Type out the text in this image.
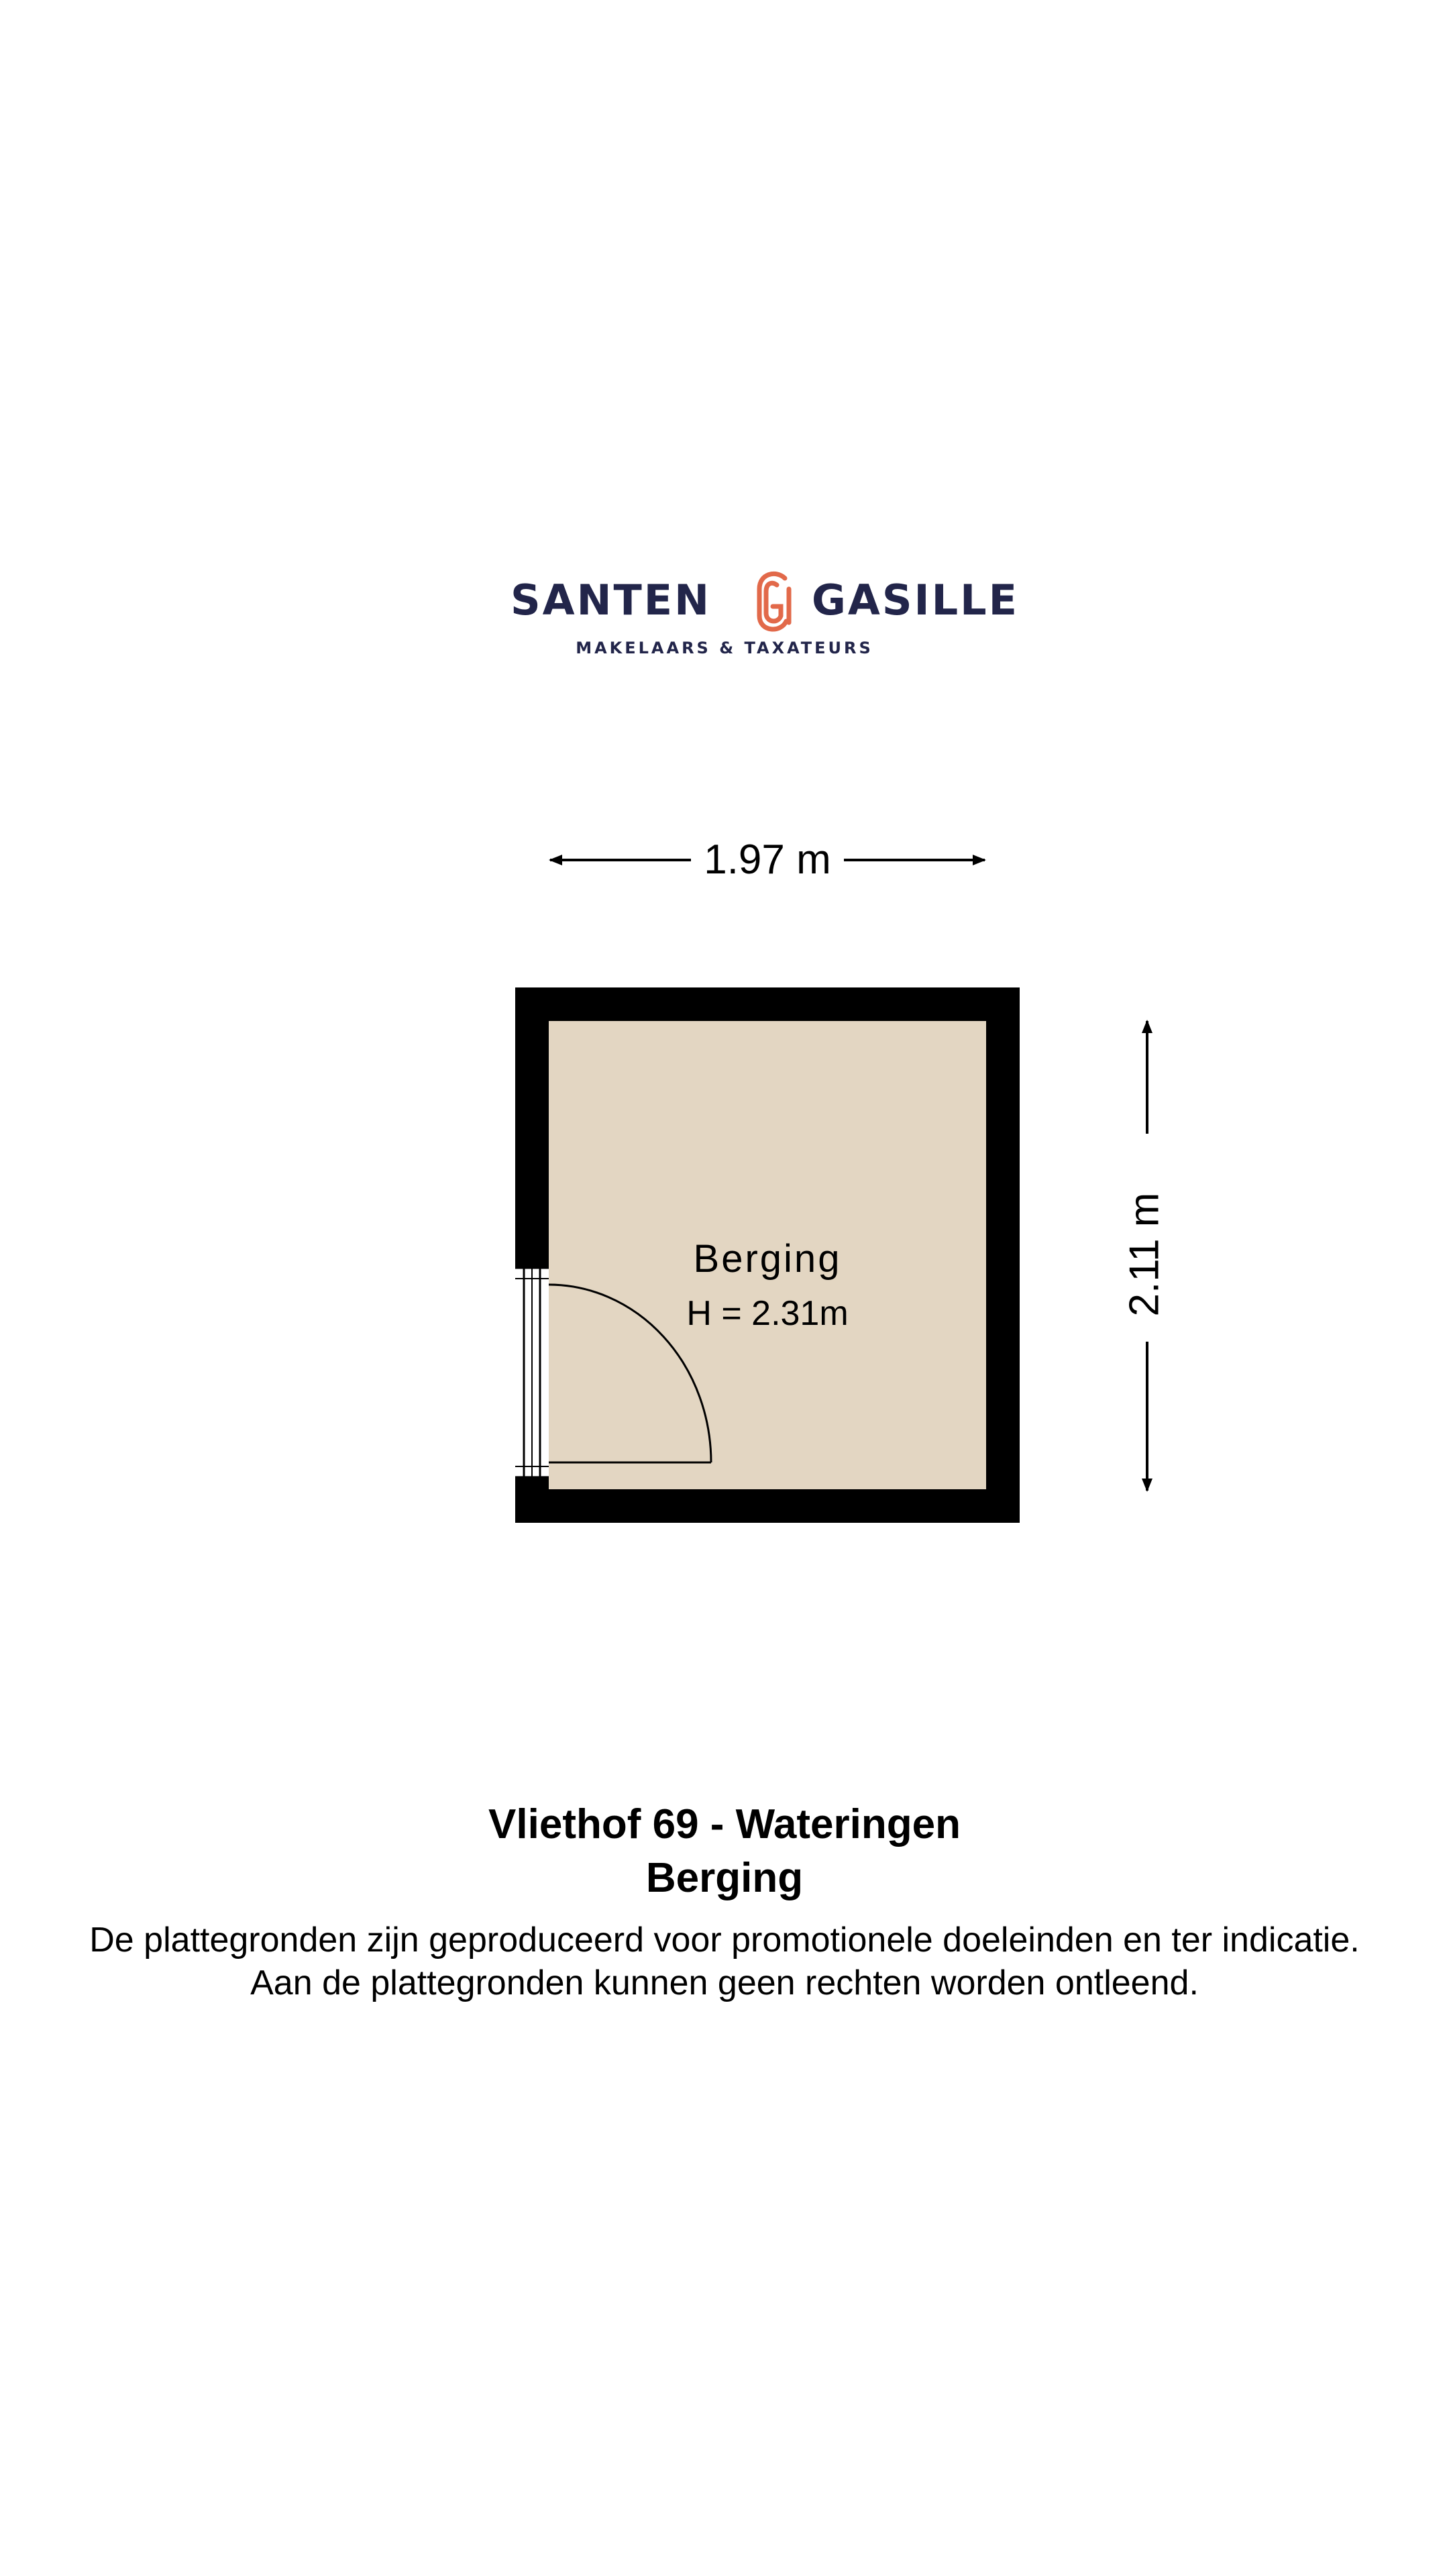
SANTEN GASILLE
MAKELAARS & TAXATEURS
1.97 m
2.11 m
Berging
H = 2.31m
Vliethof 69 - Wateringen
Berging
De plattegronden zijn geproduceerd voor promotionele doeleinden en ter indicatie.
Aan de plattegronden kunnen geen rechten worden ontleend.
